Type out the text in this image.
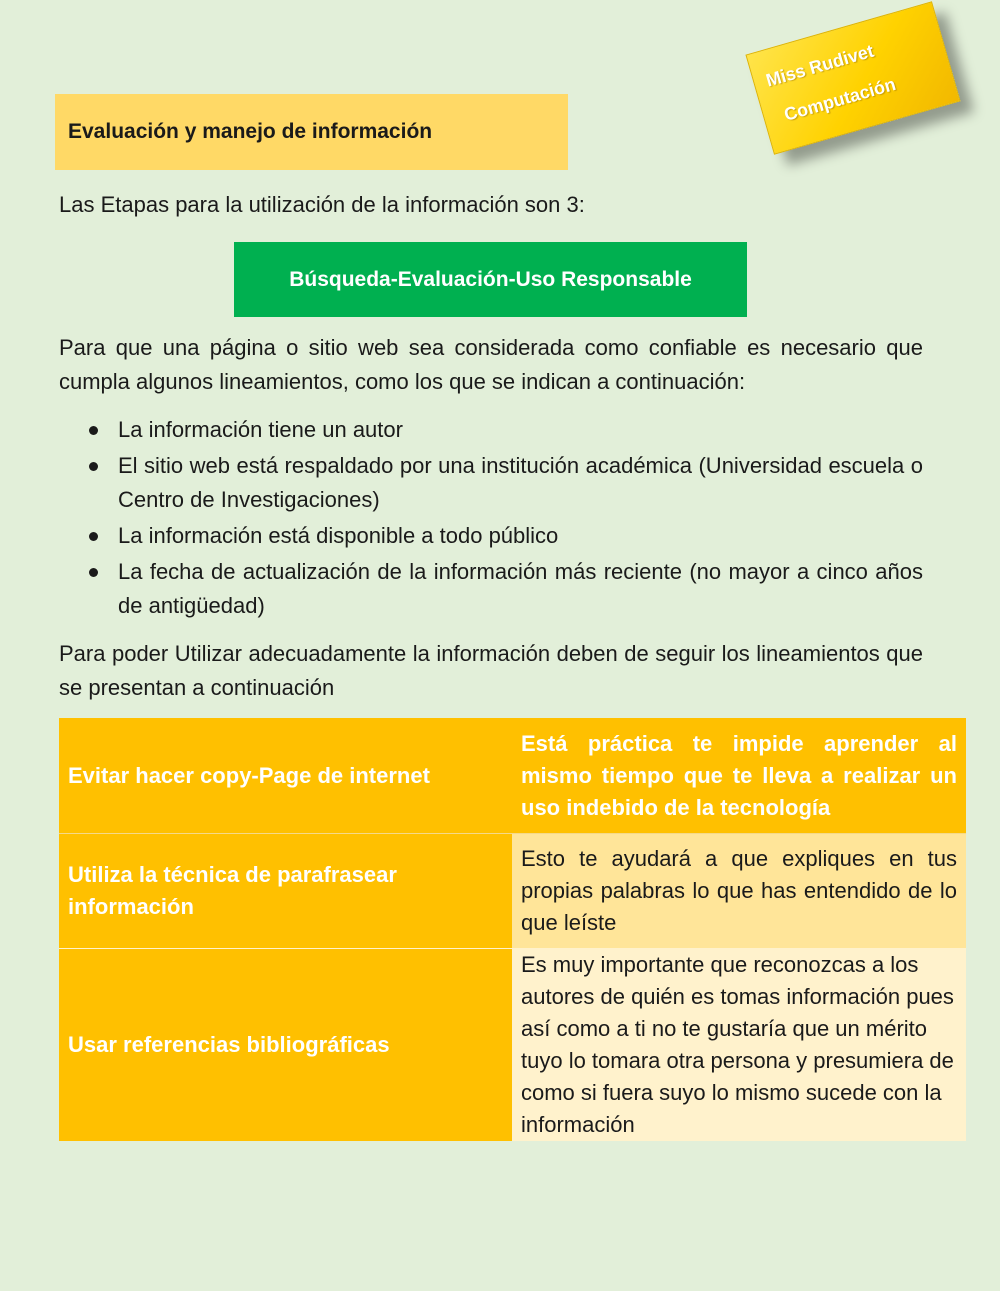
Miss Rudivet
Computación
Evaluación y manejo de información

Las Etapas para la utilización de la información son 3:

Búsqueda-Evaluación-Uso Responsable

Para que una página o sitio web sea considerada como confiable es necesario que cumpla algunos lineamientos, como los que se indican a continuación:

La información tiene un autor
El sitio web está respaldado por una institución académica (Universidad escuela o Centro de Investigaciones)
La información está disponible a todo público
La fecha de actualización de la información más reciente (no mayor a cinco años de antigüedad)

Para poder Utilizar adecuadamente la información deben de seguir los lineamientos que se presentan a continuación

Evitar hacer copy-Page de internet	Está práctica te impide aprender al mismo tiempo que te lleva a realizar un uso indebido de la tecnología
Utiliza la técnica de parafrasear información	Esto te ayudará a que expliques en tus propias palabras lo que has entendido de lo que leíste
Usar referencias bibliográficas	Es muy importante que reconozcas a los autores de quién es tomas información pues así como a ti no te gustaría que un mérito tuyo lo tomara otra persona y presumiera de como si fuera suyo lo mismo sucede con la información
